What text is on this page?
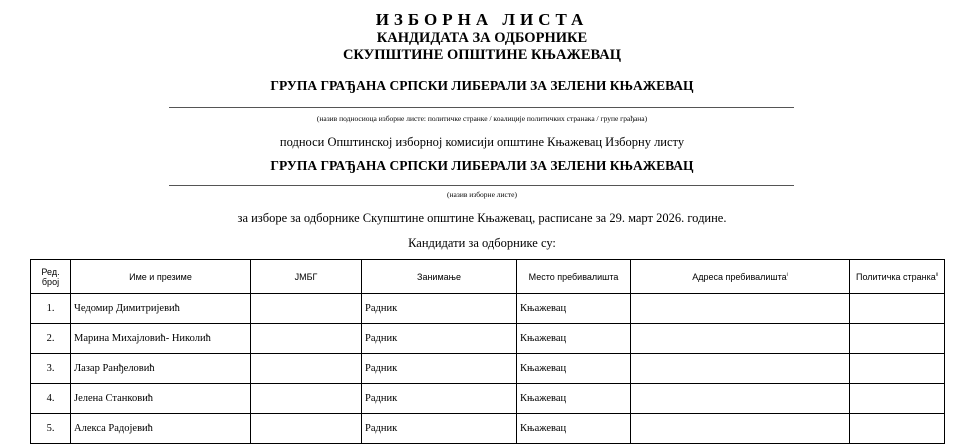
ИЗБОРНА ЛИСТА
КАНДИДАТА ЗА ОДБОРНИКЕ
СКУПШТИНЕ ОПШТИНЕ КЊАЖЕВАЦ
ГРУПА ГРАЂАНА СРПСКИ ЛИБЕРАЛИ ЗА ЗЕЛЕНИ КЊАЖЕВАЦ
(назив подносиоца изборне листе: политичке странке / коалиције политичких странака / групе грађана)
подноси Општинској изборној комисији општине Књажевац Изборну листу
ГРУПА ГРАЂАНА СРПСКИ ЛИБЕРАЛИ ЗА ЗЕЛЕНИ КЊАЖЕВАЦ
(назив изборне листе)
за изборе за одборнике Скупштине општине Књажевац, расписане за 29. март 2026. године.
Кандидати за одборнике су:
Ред. број	Име и презиме	ЈМБГ	Занимање	Место пребивалишта	Адреса пребивалишта$^i$	Политичка странка$^{ii}$
1.	Чедомир Димитријевић		Радник	Књажевац		
2.	Марина Михајловић- Николић		Радник	Књажевац		
3.	Лазар Ранђеловић		Радник	Књажевац		
4.	Јелена Станковић		Радник	Књажевац		
5.	Алекса Радојевић		Радник	Књажевац		
